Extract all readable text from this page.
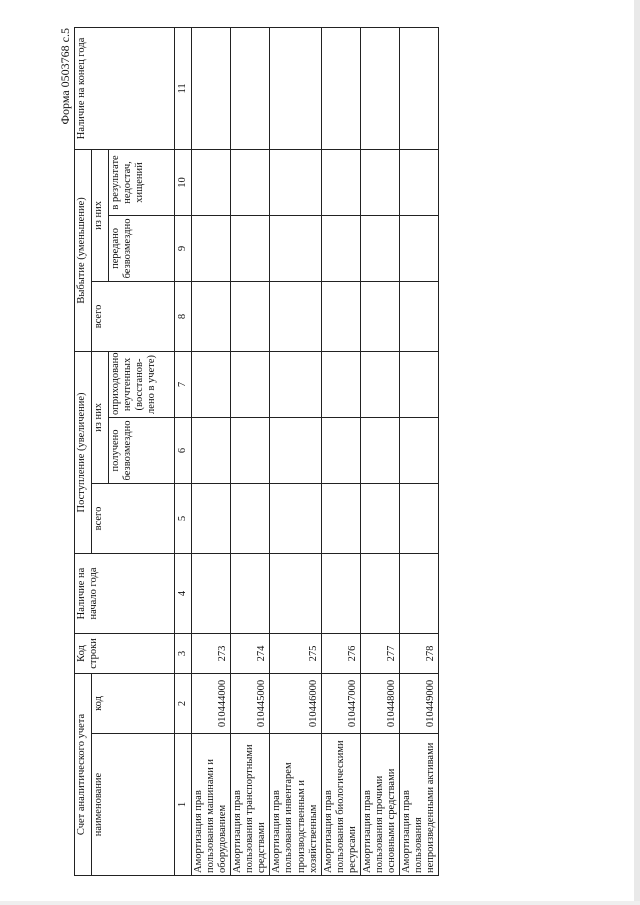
Форма 0503768 с.5
Счет аналитического учета		Код строки	Наличие на начало года	Поступление (увеличение)			Выбытие (уменьшение)			Наличие на конец года
наименование	код			всего	из них		всего	из них		
					получено безвозмездно	оприходовано неучтенных (восстанов-лено в учете)		передано безвозмездно	в результате недостач, хищений	
1	2	3	4	5	6	7	8	9	10	11
Амортизация прав пользования машинами и оборудованием	010444000	273								
Амортизация прав пользования транспортными средствами	010445000	274								
Амортизация прав пользования инвентарем производственным и хозяйственным	010446000	275								
Амортизация прав пользования биологическими ресурсами	010447000	276								
Амортизация прав пользования прочими основными средствами	010448000	277								
Амортизация прав пользования непроизведенными активами	010449000	278								
